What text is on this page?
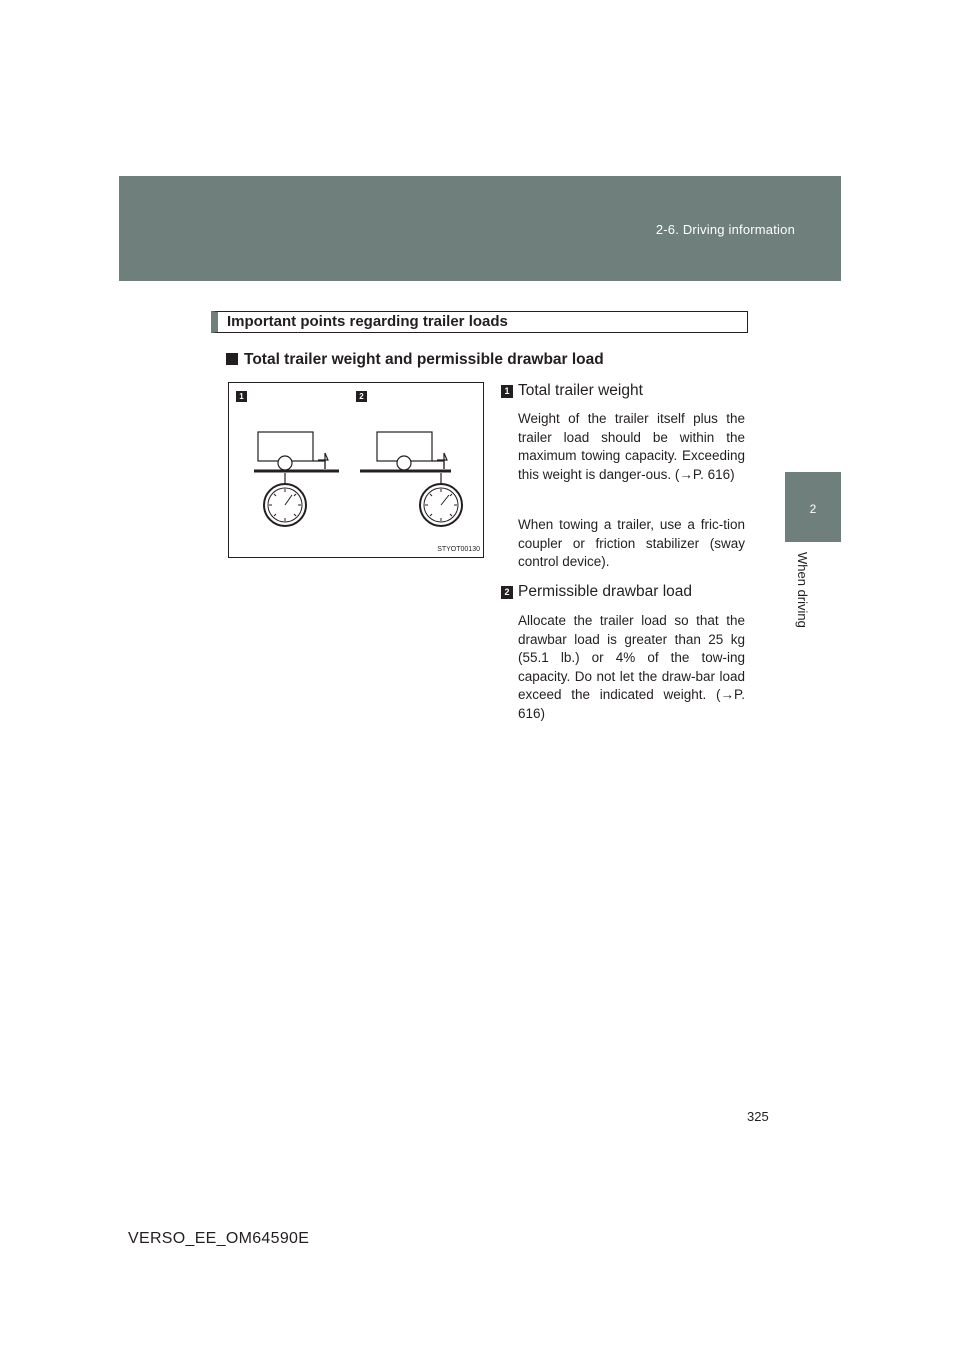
2-6. Driving information
2
When driving
Important points regarding trailer loads
Total trailer weight and permissible drawbar load
1	2
STYOT00130
1 Total trailer weight
Weight of the trailer itself plus the trailer load should be within the maximum towing capacity. Exceeding this weight is danger-ous. (→P. 616)
When towing a trailer, use a fric-tion coupler or friction stabilizer (sway control device).
2 Permissible drawbar load
Allocate the trailer load so that the drawbar load is greater than 25 kg (55.1 lb.) or 4% of the tow-ing capacity. Do not let the draw-bar load exceed the indicated weight. (→P. 616)
325
VERSO_EE_OM64590E
